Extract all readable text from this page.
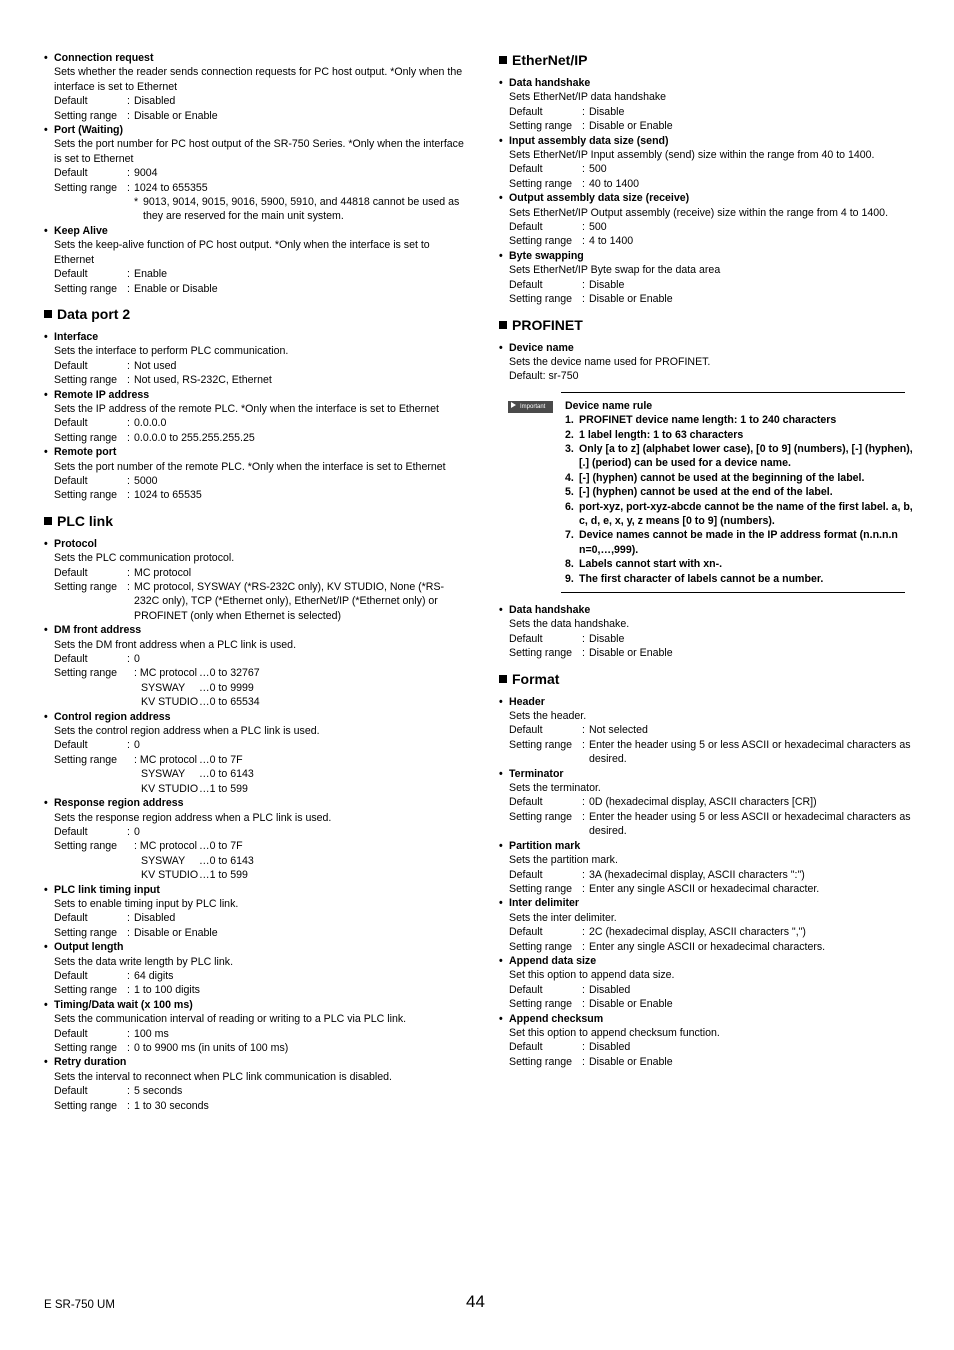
• Connection request
Sets whether the reader sends connection requests for PC host output. *Only when the interface is set to Ethernet
Default	: Disabled
Setting range : Disable or Enable
• Port (Waiting)
Sets the port number for PC host output of the SR-750 Series. *Only when the interface is set to Ethernet
Default	: 9004
Setting range : 1024 to 655355
* 9013, 9014, 9015, 9016, 5900, 5910, and 44818 cannot be used as they are reserved for the main unit system.
• Keep Alive
Sets the keep-alive function of PC host output. *Only when the interface is set to Ethernet
Default	: Enable
Setting range : Enable or Disable
Data port 2
• Interface
Sets the interface to perform PLC communication.
Default	: Not used
Setting range : Not used, RS-232C, Ethernet
• Remote IP address
Sets the IP address of the remote PLC. *Only when the interface is set to Ethernet
Default	: 0.0.0.0
Setting range : 0.0.0.0 to 255.255.255.25
• Remote port
Sets the port number of the remote PLC. *Only when the interface is set to Ethernet
Default	: 5000
Setting range : 1024 to 65535
PLC link
• Protocol
Sets the PLC communication protocol.
Default	: MC protocol
Setting range : MC protocol, SYSWAY (*RS-232C only), KV STUDIO, None (*RS-232C only), TCP (*Ethernet only), EtherNet/IP (*Ethernet only) or PROFINET (only when Ethernet is selected)
• DM front address
Sets the DM front address when a PLC link is used.
Default	: 0
Setting range	: MC protocol …0 to 32767
SYSWAY	…0 to 9999
KV STUDIO …0 to 65534
• Control region address
Sets the control region address when a PLC link is used.
Default	: 0
Setting range	: MC protocol …0 to 7F
SYSWAY	…0 to 6143
KV STUDIO …1 to 599
• Response region address
Sets the response region address when a PLC link is used.
Default	: 0
Setting range	: MC protocol …0 to 7F
SYSWAY	…0 to 6143
KV STUDIO …1 to 599
• PLC link timing input
Sets to enable timing input by PLC link.
Default	: Disabled
Setting range : Disable or Enable
• Output length
Sets the data write length by PLC link.
Default	: 64 digits
Setting range : 1 to 100 digits
• Timing/Data wait (x 100 ms)
Sets the communication interval of reading or writing to a PLC via PLC link.
Default	: 100 ms
Setting range : 0 to 9900 ms (in units of 100 ms)
• Retry duration
Sets the interval to reconnect when PLC link communication is disabled.
Default	: 5 seconds
Setting range : 1 to 30 seconds
EtherNet/IP
• Data handshake
Sets EtherNet/IP data handshake
Default	: Disable
Setting range : Disable or Enable
• Input assembly data size (send)
Sets EtherNet/IP Input assembly (send) size within the range from 40 to 1400.
Default	: 500
Setting range : 40 to 1400
• Output assembly data size (receive)
Sets EtherNet/IP Output assembly (receive) size within the range from 4 to 1400.
Default	: 500
Setting range : 4 to 1400
• Byte swapping
Sets EtherNet/IP Byte swap for the data area
Default	: Disable
Setting range : Disable or Enable
PROFINET
• Device name
Sets the device name used for PROFINET.
Default: sr-750
Important	Device name rule
1. PROFINET device name length: 1 to 240 characters
2. 1 label length: 1 to 63 characters
3. Only [a to z] (alphabet lower case), [0 to 9] (numbers), [-] (hyphen), [.] (period) can be used for a device name.
4. [-] (hyphen) cannot be used at the beginning of the label.
5. [-] (hyphen) cannot be used at the end of the label.
6. port-xyz, port-xyz-abcde cannot be the name of the first label. a, b, c, d, e, x, y, z means [0 to 9] (numbers).
7. Device names cannot be made in the IP address format (n.n.n.n n=0,…,999).
8. Labels cannot start with xn-.
9. The first character of labels cannot be a number.
• Data handshake
Sets the data handshake.
Default	: Disable
Setting range : Disable or Enable
Format
• Header
Sets the header.
Default	: Not selected
Setting range : Enter the header using 5 or less ASCII or hexadecimal characters as desired.
• Terminator
Sets the terminator.
Default	: 0D (hexadecimal display, ASCII characters [CR])
Setting range : Enter the header using 5 or less ASCII or hexadecimal characters as desired.
• Partition mark
Sets the partition mark.
Default	: 3A (hexadecimal display, ASCII characters ":")
Setting range : Enter any single ASCII or hexadecimal character.
• Inter delimiter
Sets the inter delimiter.
Default	: 2C (hexadecimal display, ASCII characters ",")
Setting range : Enter any single ASCII or hexadecimal characters.
• Append data size
Set this option to append data size.
Default	: Disabled
Setting range : Disable or Enable
• Append checksum
Set this option to append checksum function.
Default	: Disabled
Setting range : Disable or Enable
E SR-750 UM	44
